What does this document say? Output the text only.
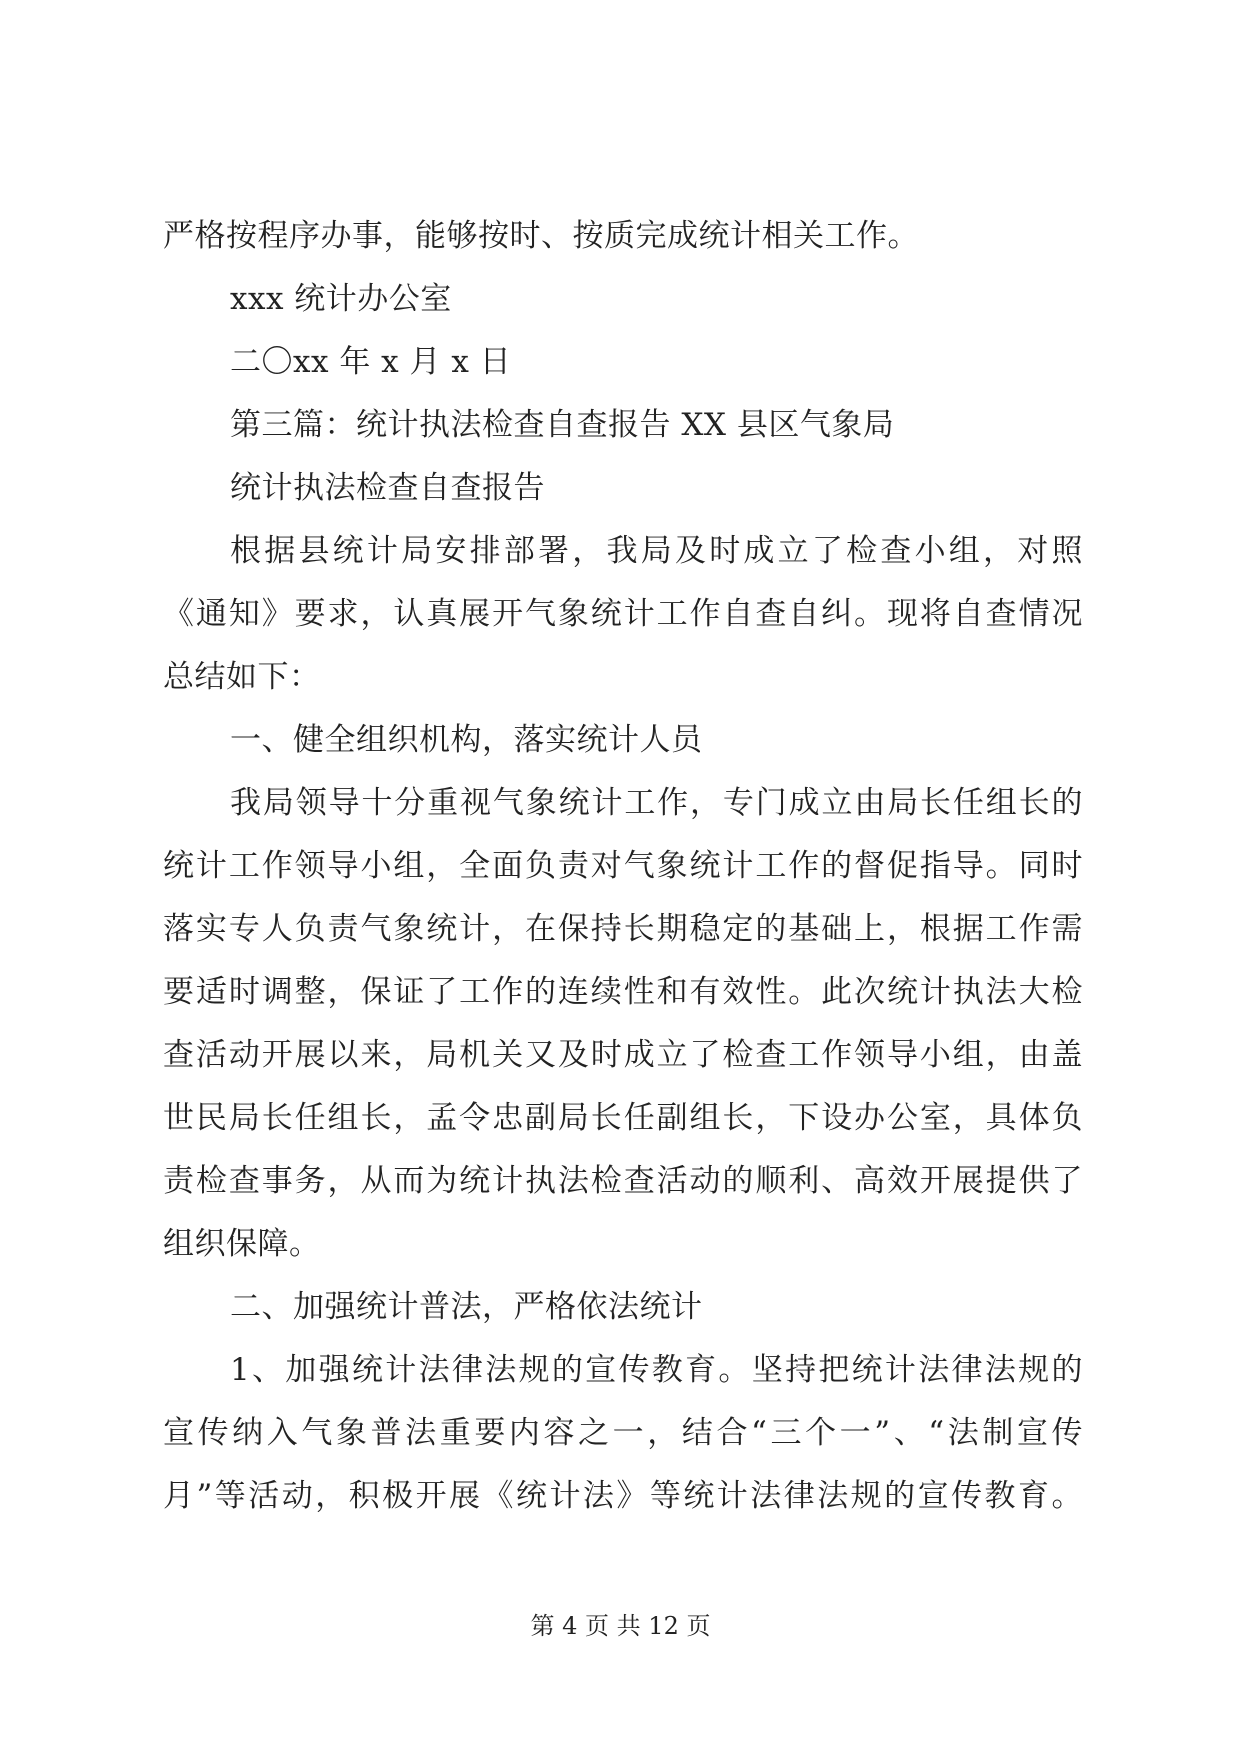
严格按程序办事，能够按时、按质完成统计相关工作。
xxx 统计办公室
二〇xx 年 x 月 x 日
第三篇：统计执法检查自查报告 XX 县区气象局
统计执法检查自查报告
根据县统计局安排部署，我局及时成立了检查小组，对照
《通知》要求，认真展开气象统计工作自查自纠。现将自查情况
总结如下：
一、健全组织机构，落实统计人员
我局领导十分重视气象统计工作，专门成立由局长任组长的
统计工作领导小组，全面负责对气象统计工作的督促指导。同时
落实专人负责气象统计，在保持长期稳定的基础上，根据工作需
要适时调整，保证了工作的连续性和有效性。此次统计执法大检
查活动开展以来，局机关又及时成立了检查工作领导小组，由盖
世民局长任组长，孟令忠副局长任副组长，下设办公室，具体负
责检查事务，从而为统计执法检查活动的顺利、高效开展提供了
组织保障。
二、加强统计普法，严格依法统计
1、加强统计法律法规的宣传教育。坚持把统计法律法规的
宣传纳入气象普法重要内容之一，结合“三个一”、“法制宣传
月”等活动，积极开展《统计法》等统计法律法规的宣传教育。
第 4 页 共 12 页
